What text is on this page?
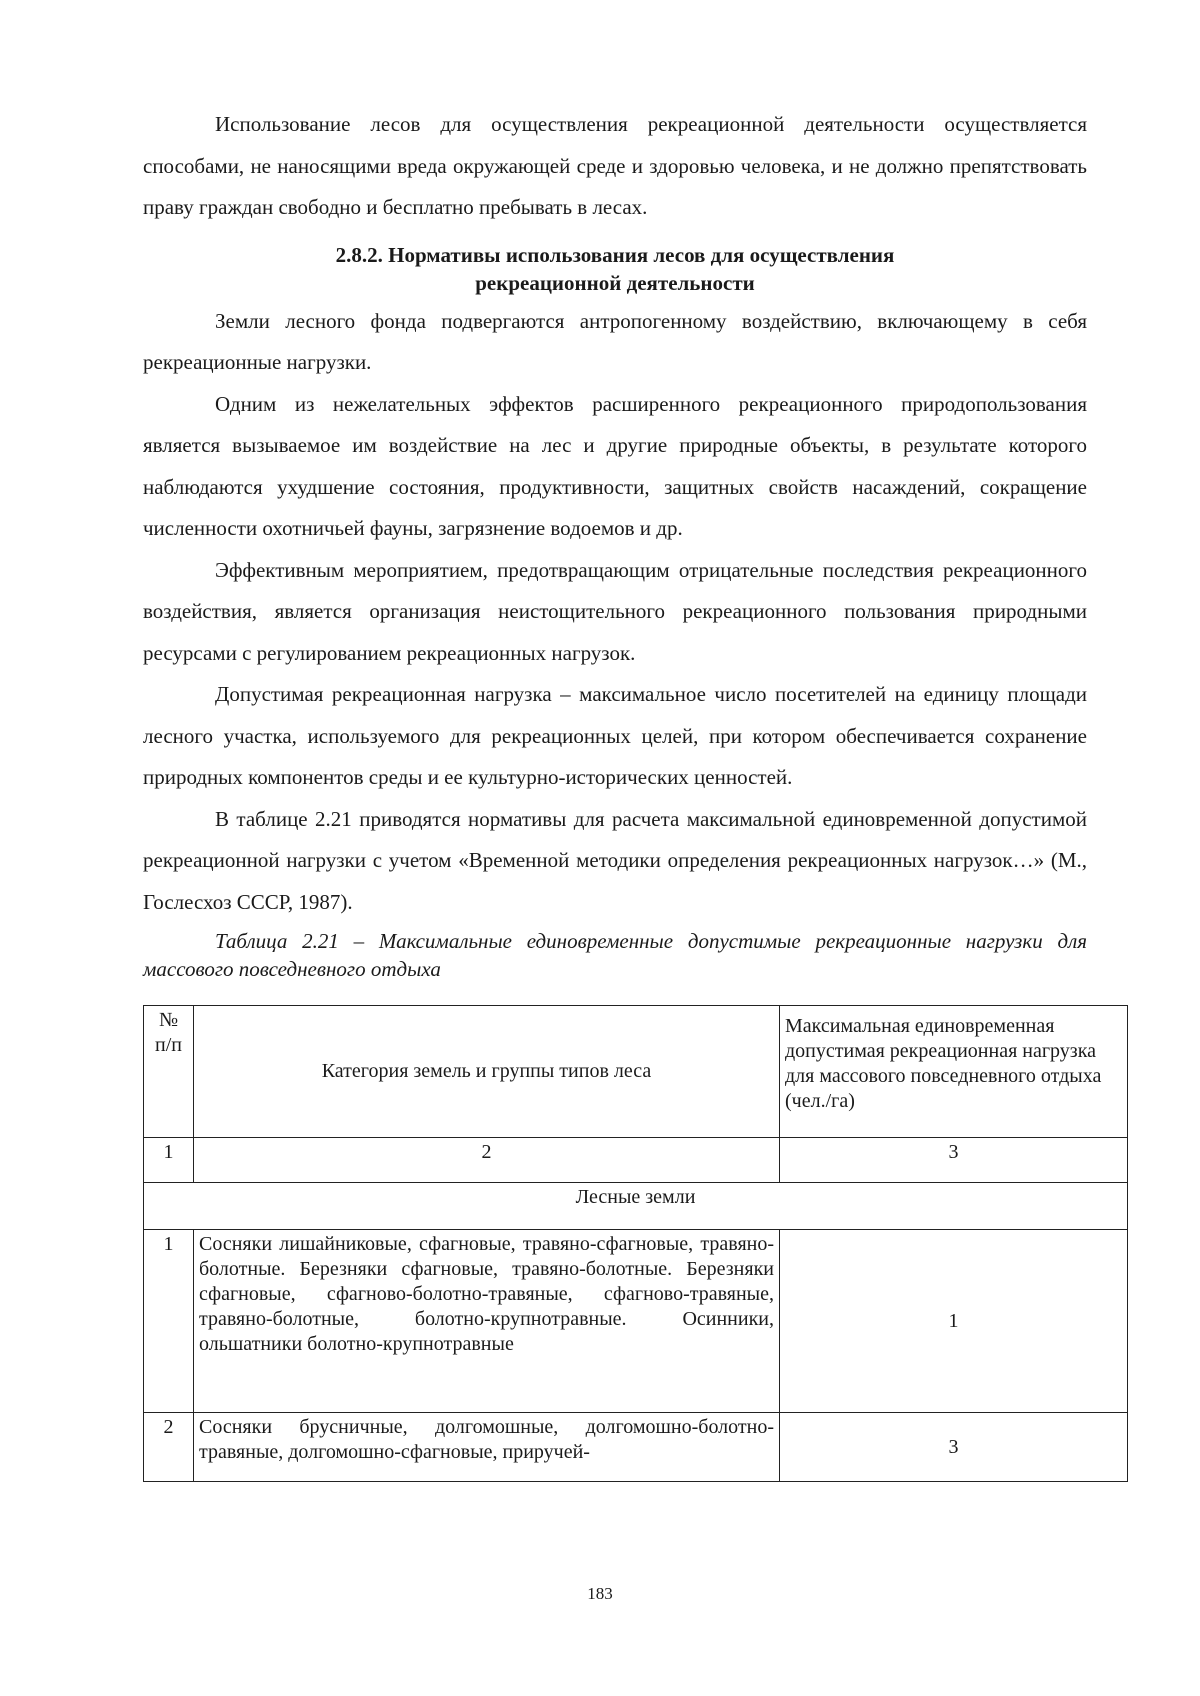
Использование лесов для осуществления рекреационной деятельности осуществляется способами, не наносящими вреда окружающей среде и здоровью человека, и не должно препятствовать праву граждан свободно и бесплатно пребывать в лесах.

2.8.2. Нормативы использования лесов для осуществления
рекреационной деятельности

Земли лесного фонда подвергаются антропогенному воздействию, включающему в себя рекреационные нагрузки.

Одним из нежелательных эффектов расширенного рекреационного природопользования является вызываемое им воздействие на лес и другие природные объекты, в результате которого наблюдаются ухудшение состояния, продуктивности, защитных свойств насаждений, сокращение численности охотничьей фауны, загрязнение водоемов и др.

Эффективным мероприятием, предотвращающим отрицательные последствия рекреационного воздействия, является организация неистощительного рекреационного пользования природными ресурсами с регулированием рекреационных нагрузок.

Допустимая рекреационная нагрузка – максимальное число посетителей на единицу площади лесного участка, используемого для рекреационных целей, при котором обеспечивается сохранение природных компонентов среды и ее культурно-исторических ценностей.

В таблице 2.21 приводятся нормативы для расчета максимальной единовременной допустимой рекреационной нагрузки с учетом «Временной методики определения рекреационных нагрузок…» (М., Гослесхоз СССР, 1987).

Таблица 2.21 – Максимальные единовременные допустимые рекреационные нагрузки для массового повседневного отдыха

№ п/п	Категория земель и группы типов леса	Максимальная единовременная допустимая рекреационная нагрузка для массового повседневного отдыха (чел./га)
1	2	3
Лесные земли		
1	Сосняки лишайниковые, сфагновые, травяно-сфагновые, травяно-болотные. Березняки сфагновые, травяно-болотные. Березняки сфагновые, сфагново-болотно-травяные, сфагново-травяные, травяно-болотные, болотно-крупнотравные. Осинники, ольшатники болотно-крупнотравные	1
2	Сосняки брусничные, долгомошные, долгомошно-болотно-травяные, долгомошно-сфагновые, приручей-	3
183
